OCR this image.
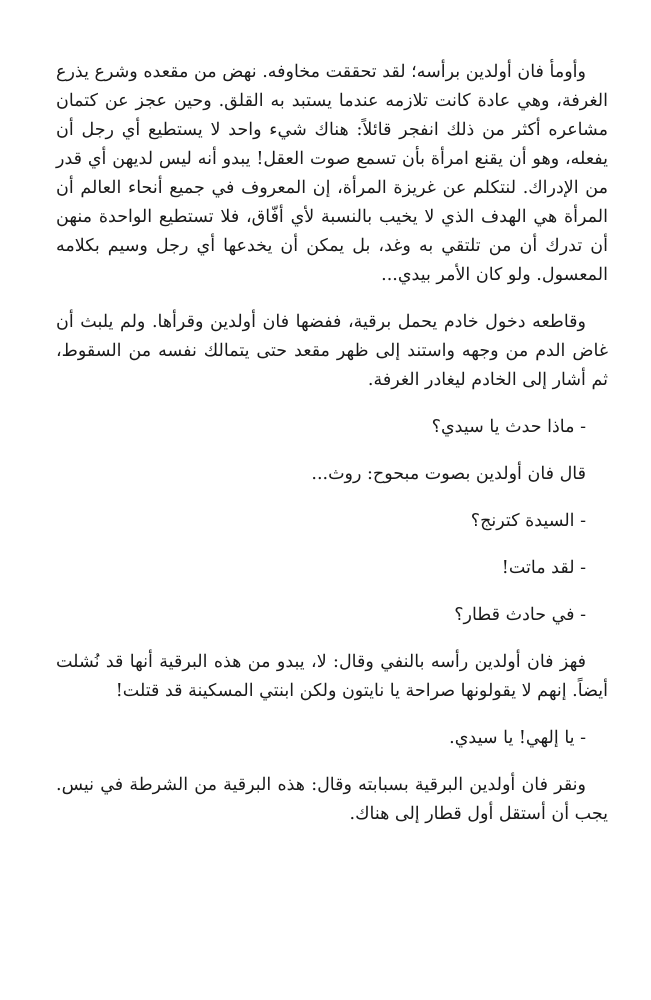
وأومأ فان أولدين برأسه؛ لقد تحققت مخاوفه. نهض من مقعده وشرع يذرع الغرفة، وهي عادة كانت تلازمه عندما يستبد به القلق. وحين عجز عن كتمان مشاعره أكثر من ذلك انفجر قائلاً: هناك شيء واحد لا يستطيع أي رجل أن يفعله، وهو أن يقنع امرأة بأن تسمع صوت العقل! يبدو أنه ليس لديهن أي قدر من الإدراك. لنتكلم عن غريزة المرأة، إن المعروف في جميع أنحاء العالم أن المرأة هي الهدف الذي لا يخيب بالنسبة لأي أفّاق، فلا تستطيع الواحدة منهن أن تدرك أن من تلتقي به وغد، بل يمكن أن يخدعها أي رجل وسيم بكلامه المعسول. ولو كان الأمر بيدي...

وقاطعه دخول خادم يحمل برقية، ففضها فان أولدين وقرأها. ولم يلبث أن غاض الدم من وجهه واستند إلى ظهر مقعد حتى يتمالك نفسه من السقوط، ثم أشار إلى الخادم ليغادر الغرفة.

- ماذا حدث يا سيدي؟

قال فان أولدين بصوت مبحوح: روث...

- السيدة كترنج؟

- لقد ماتت!

- في حادث قطار؟

فهز فان أولدين رأسه بالنفي وقال: لا، يبدو من هذه البرقية أنها قد نُشلت أيضاً. إنهم لا يقولونها صراحة يا نايتون ولكن ابنتي المسكينة قد قتلت!

- يا إلهي! يا سيدي.

ونقر فان أولدين البرقية بسبابته وقال: هذه البرقية من الشرطة في نيس. يجب أن أستقل أول قطار إلى هناك.
